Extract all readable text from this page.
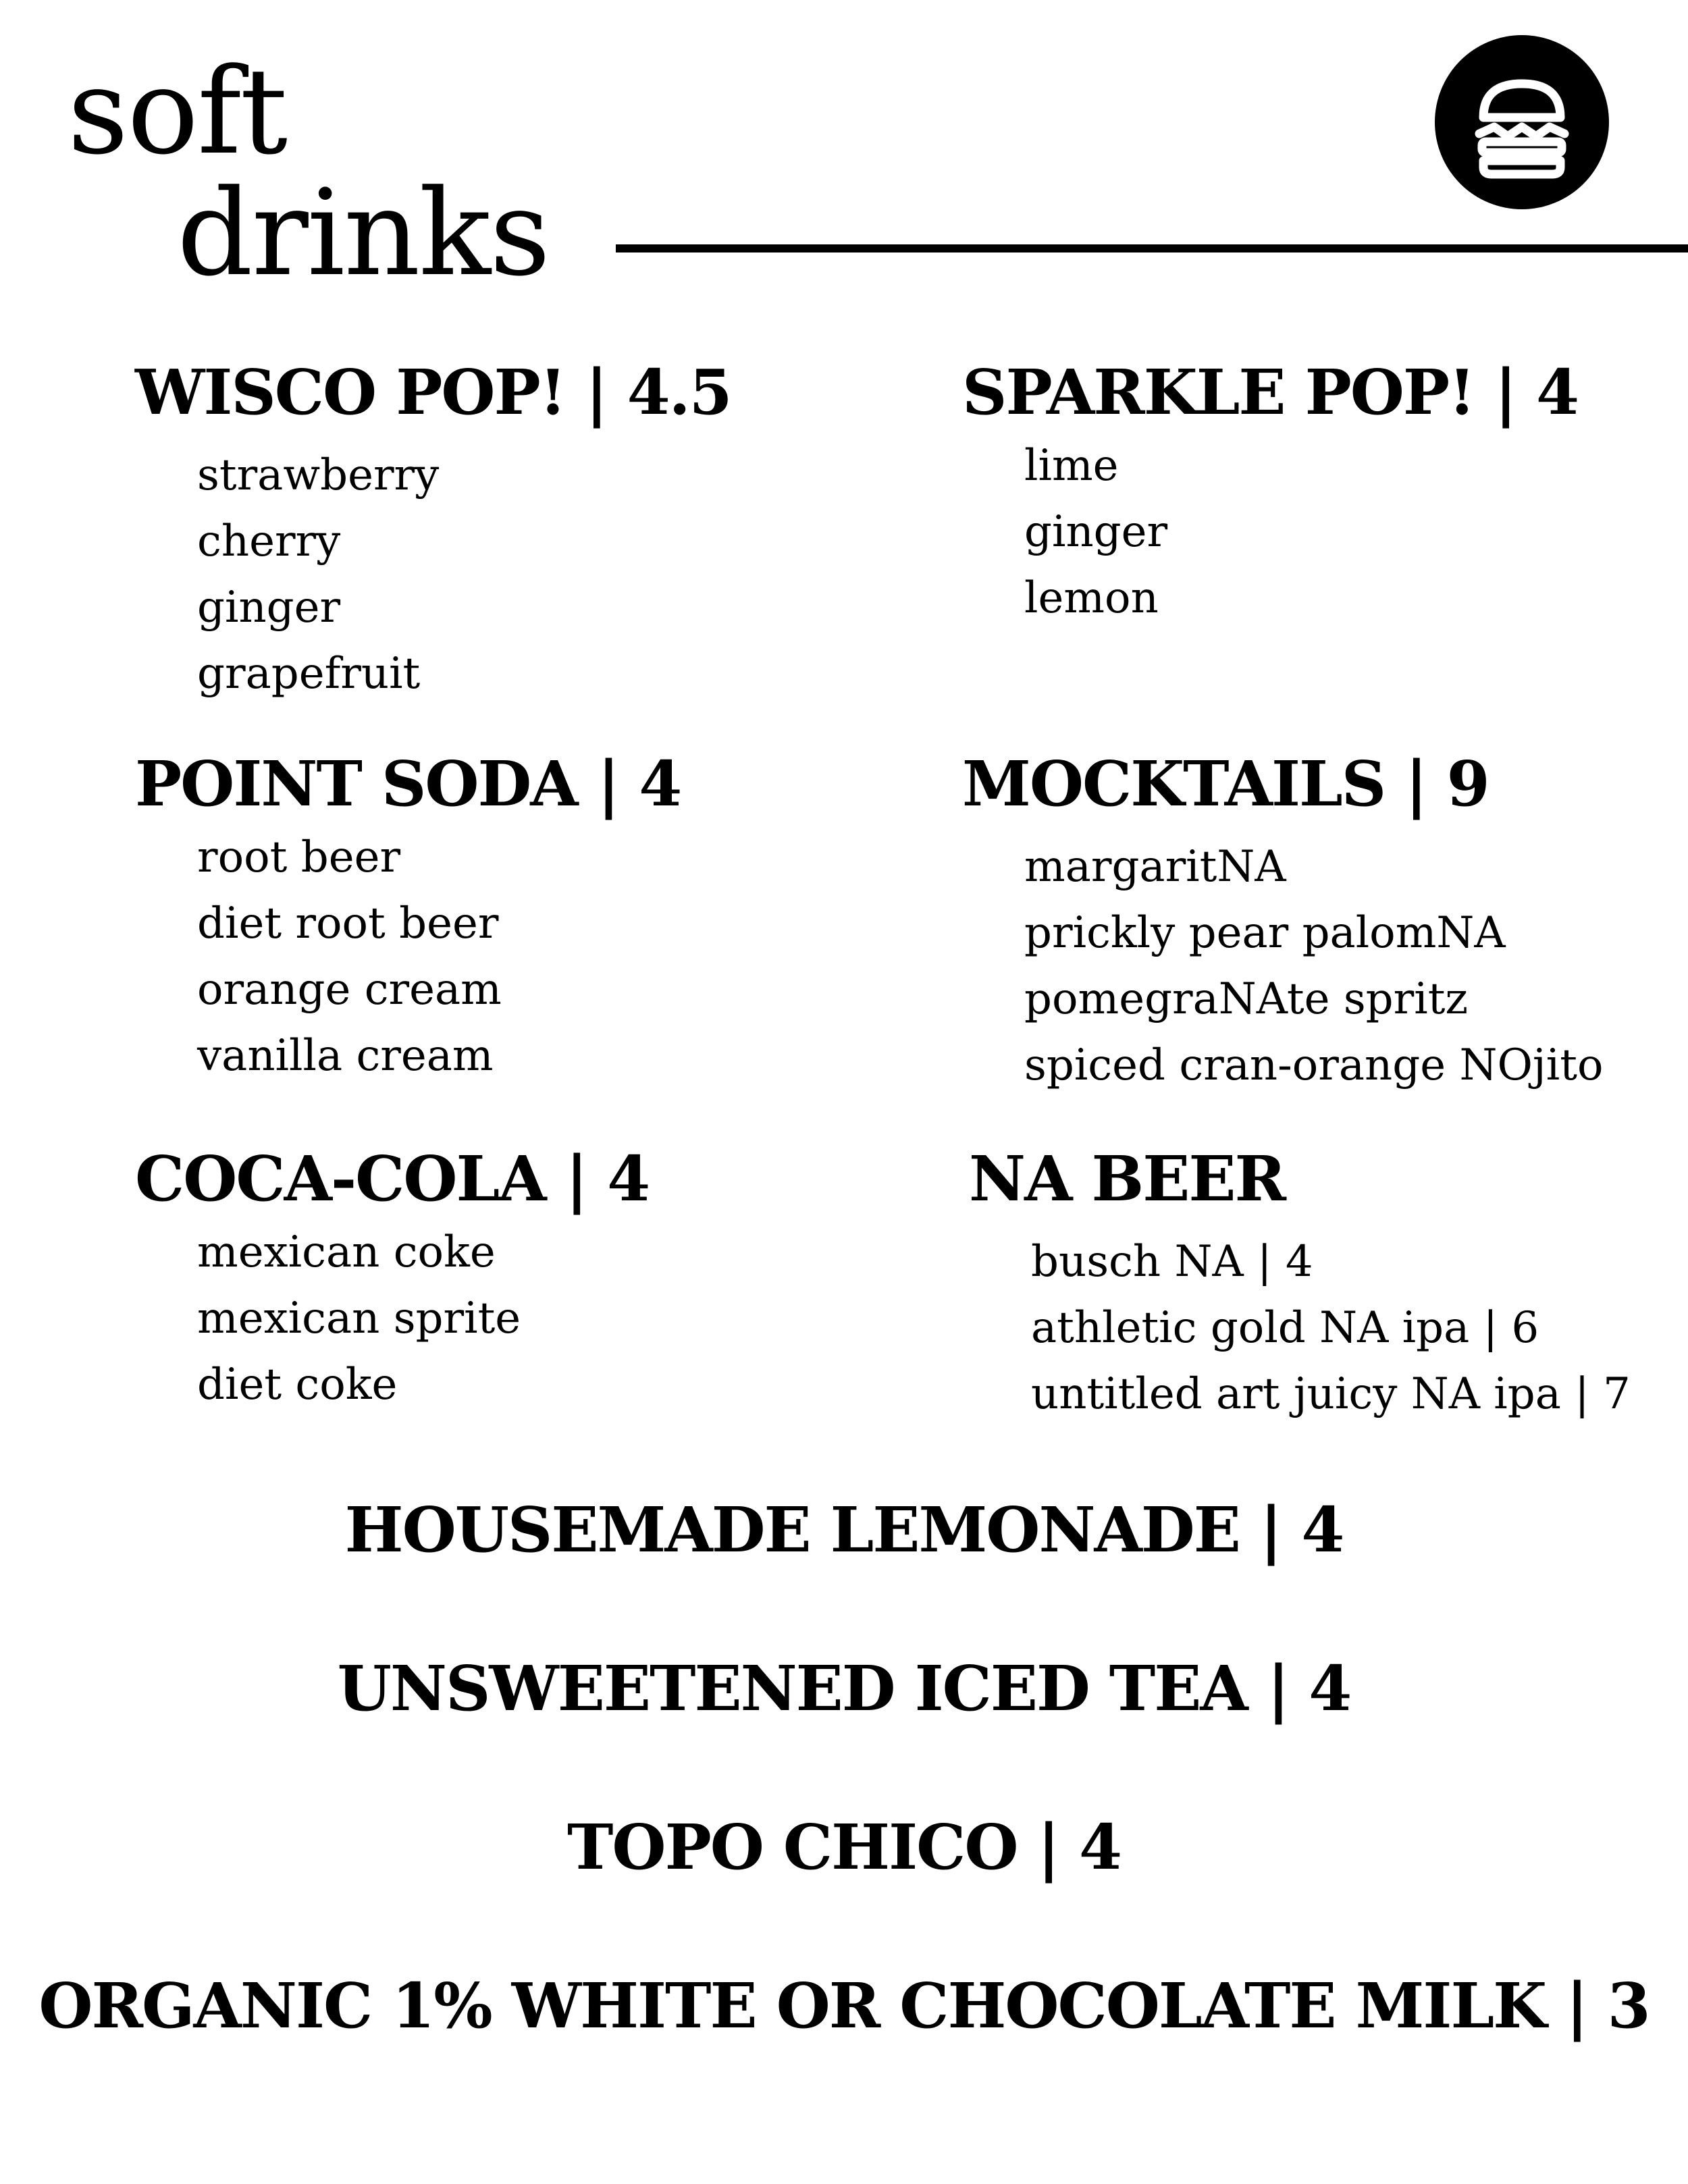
soft
drinks
WISCO POP! | 4.5
strawberry
cherry
ginger
grapefruit
SPARKLE POP! | 4
lime
ginger
lemon
POINT SODA | 4
root beer
diet root beer
orange cream
vanilla cream
MOCKTAILS | 9
margaritNA
prickly pear palomNA
pomegraNAte spritz
spiced cran-orange NOjito
COCA-COLA | 4
mexican coke
mexican sprite
diet coke
NA BEER
busch NA | 4
athletic gold NA ipa | 6
untitled art juicy NA ipa | 7
HOUSEMADE LEMONADE | 4
UNSWEETENED ICED TEA | 4
TOPO CHICO | 4
ORGANIC 1% WHITE OR CHOCOLATE MILK | 3
